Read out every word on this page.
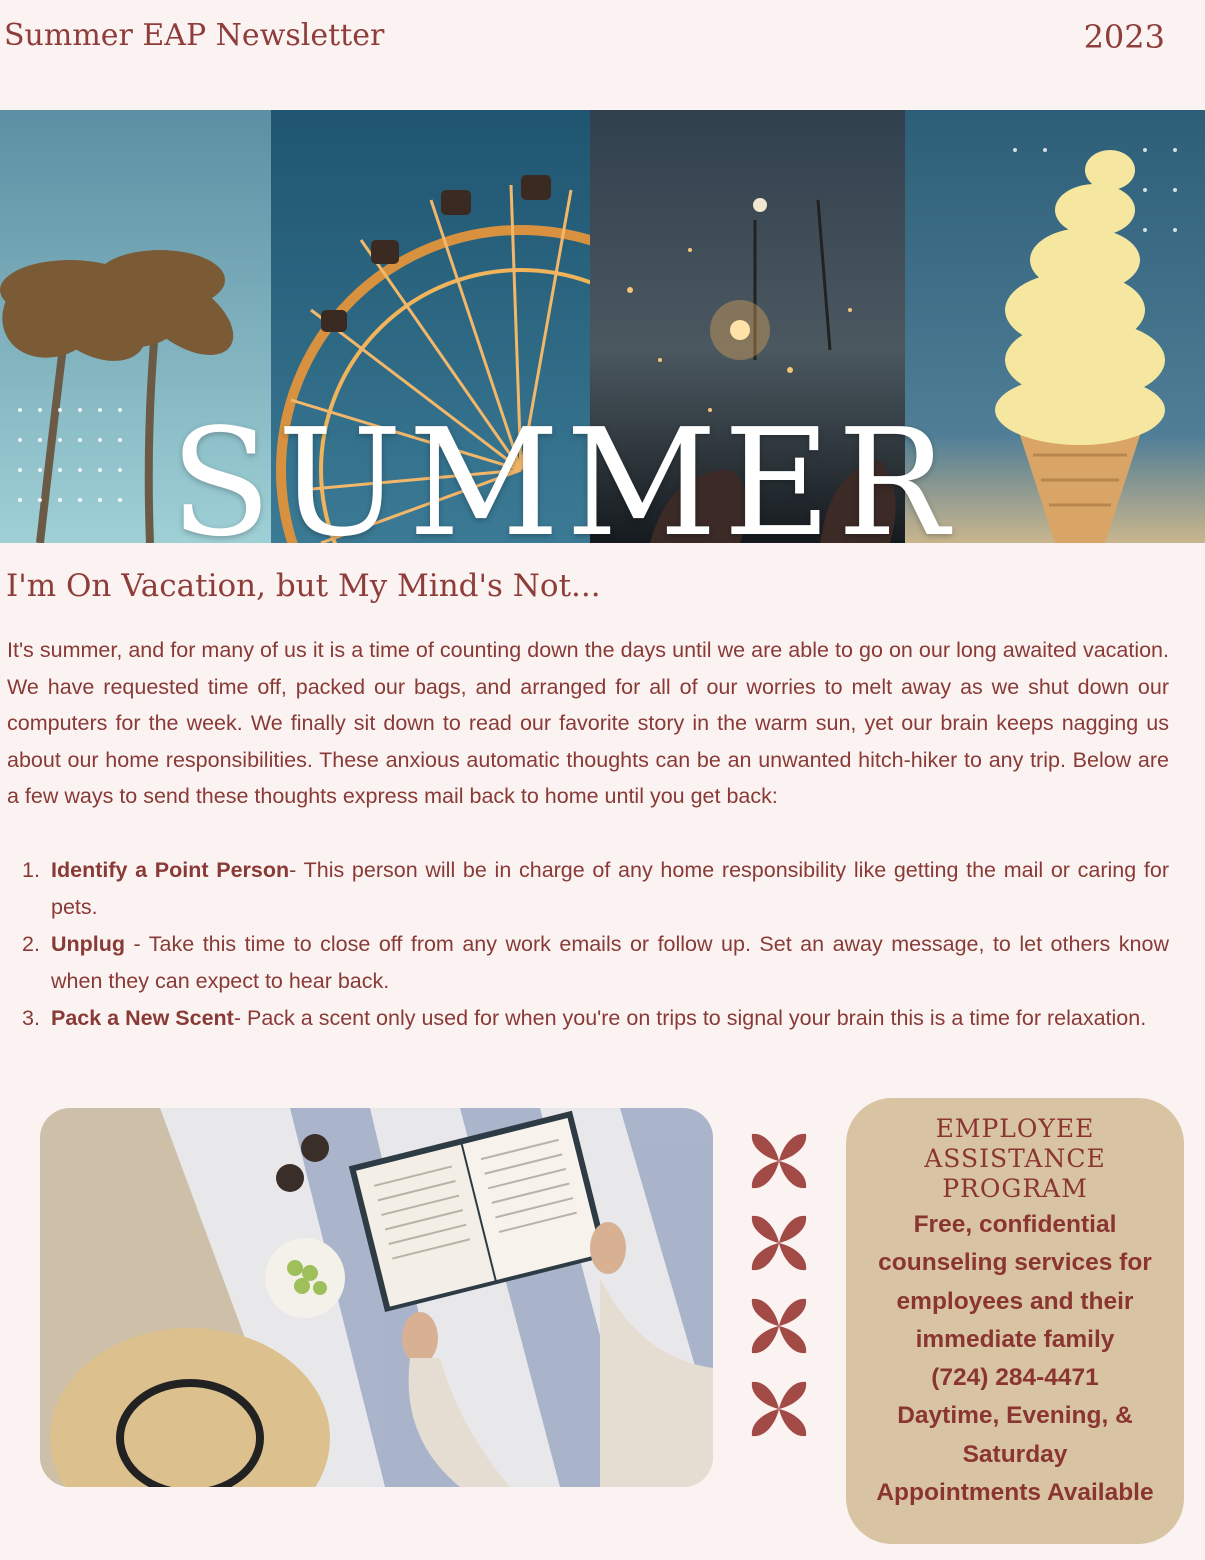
Summer EAP Newsletter	2023
SUMMER
I'm On Vacation, but My Mind's Not...
It's summer, and for many of us it is a time of counting down the days until we are able to go on our long awaited vacation. We have requested time off, packed our bags, and arranged for all of our worries to melt away as we shut down our computers for the week. We finally sit down to read our favorite story in the warm sun, yet our brain keeps nagging us about our home responsibilities. These anxious automatic thoughts can be an unwanted hitch-hiker to any trip. Below are a few ways to send these thoughts express mail back to home until you get back:
1. Identify a Point Person- This person will be in charge of any home responsibility like getting the mail or caring for pets.
2. Unplug - Take this time to close off from any work emails or follow up. Set an away message, to let others know when they can expect to hear back.
3. Pack a New Scent- Pack a scent only used for when you're on trips to signal your brain this is a time for relaxation.
EMPLOYEE
ASSISTANCE
PROGRAM
Free, confidential
counseling services for
employees and their
immediate family
(724) 284-4471
Daytime, Evening, &
Saturday
Appointments Available
